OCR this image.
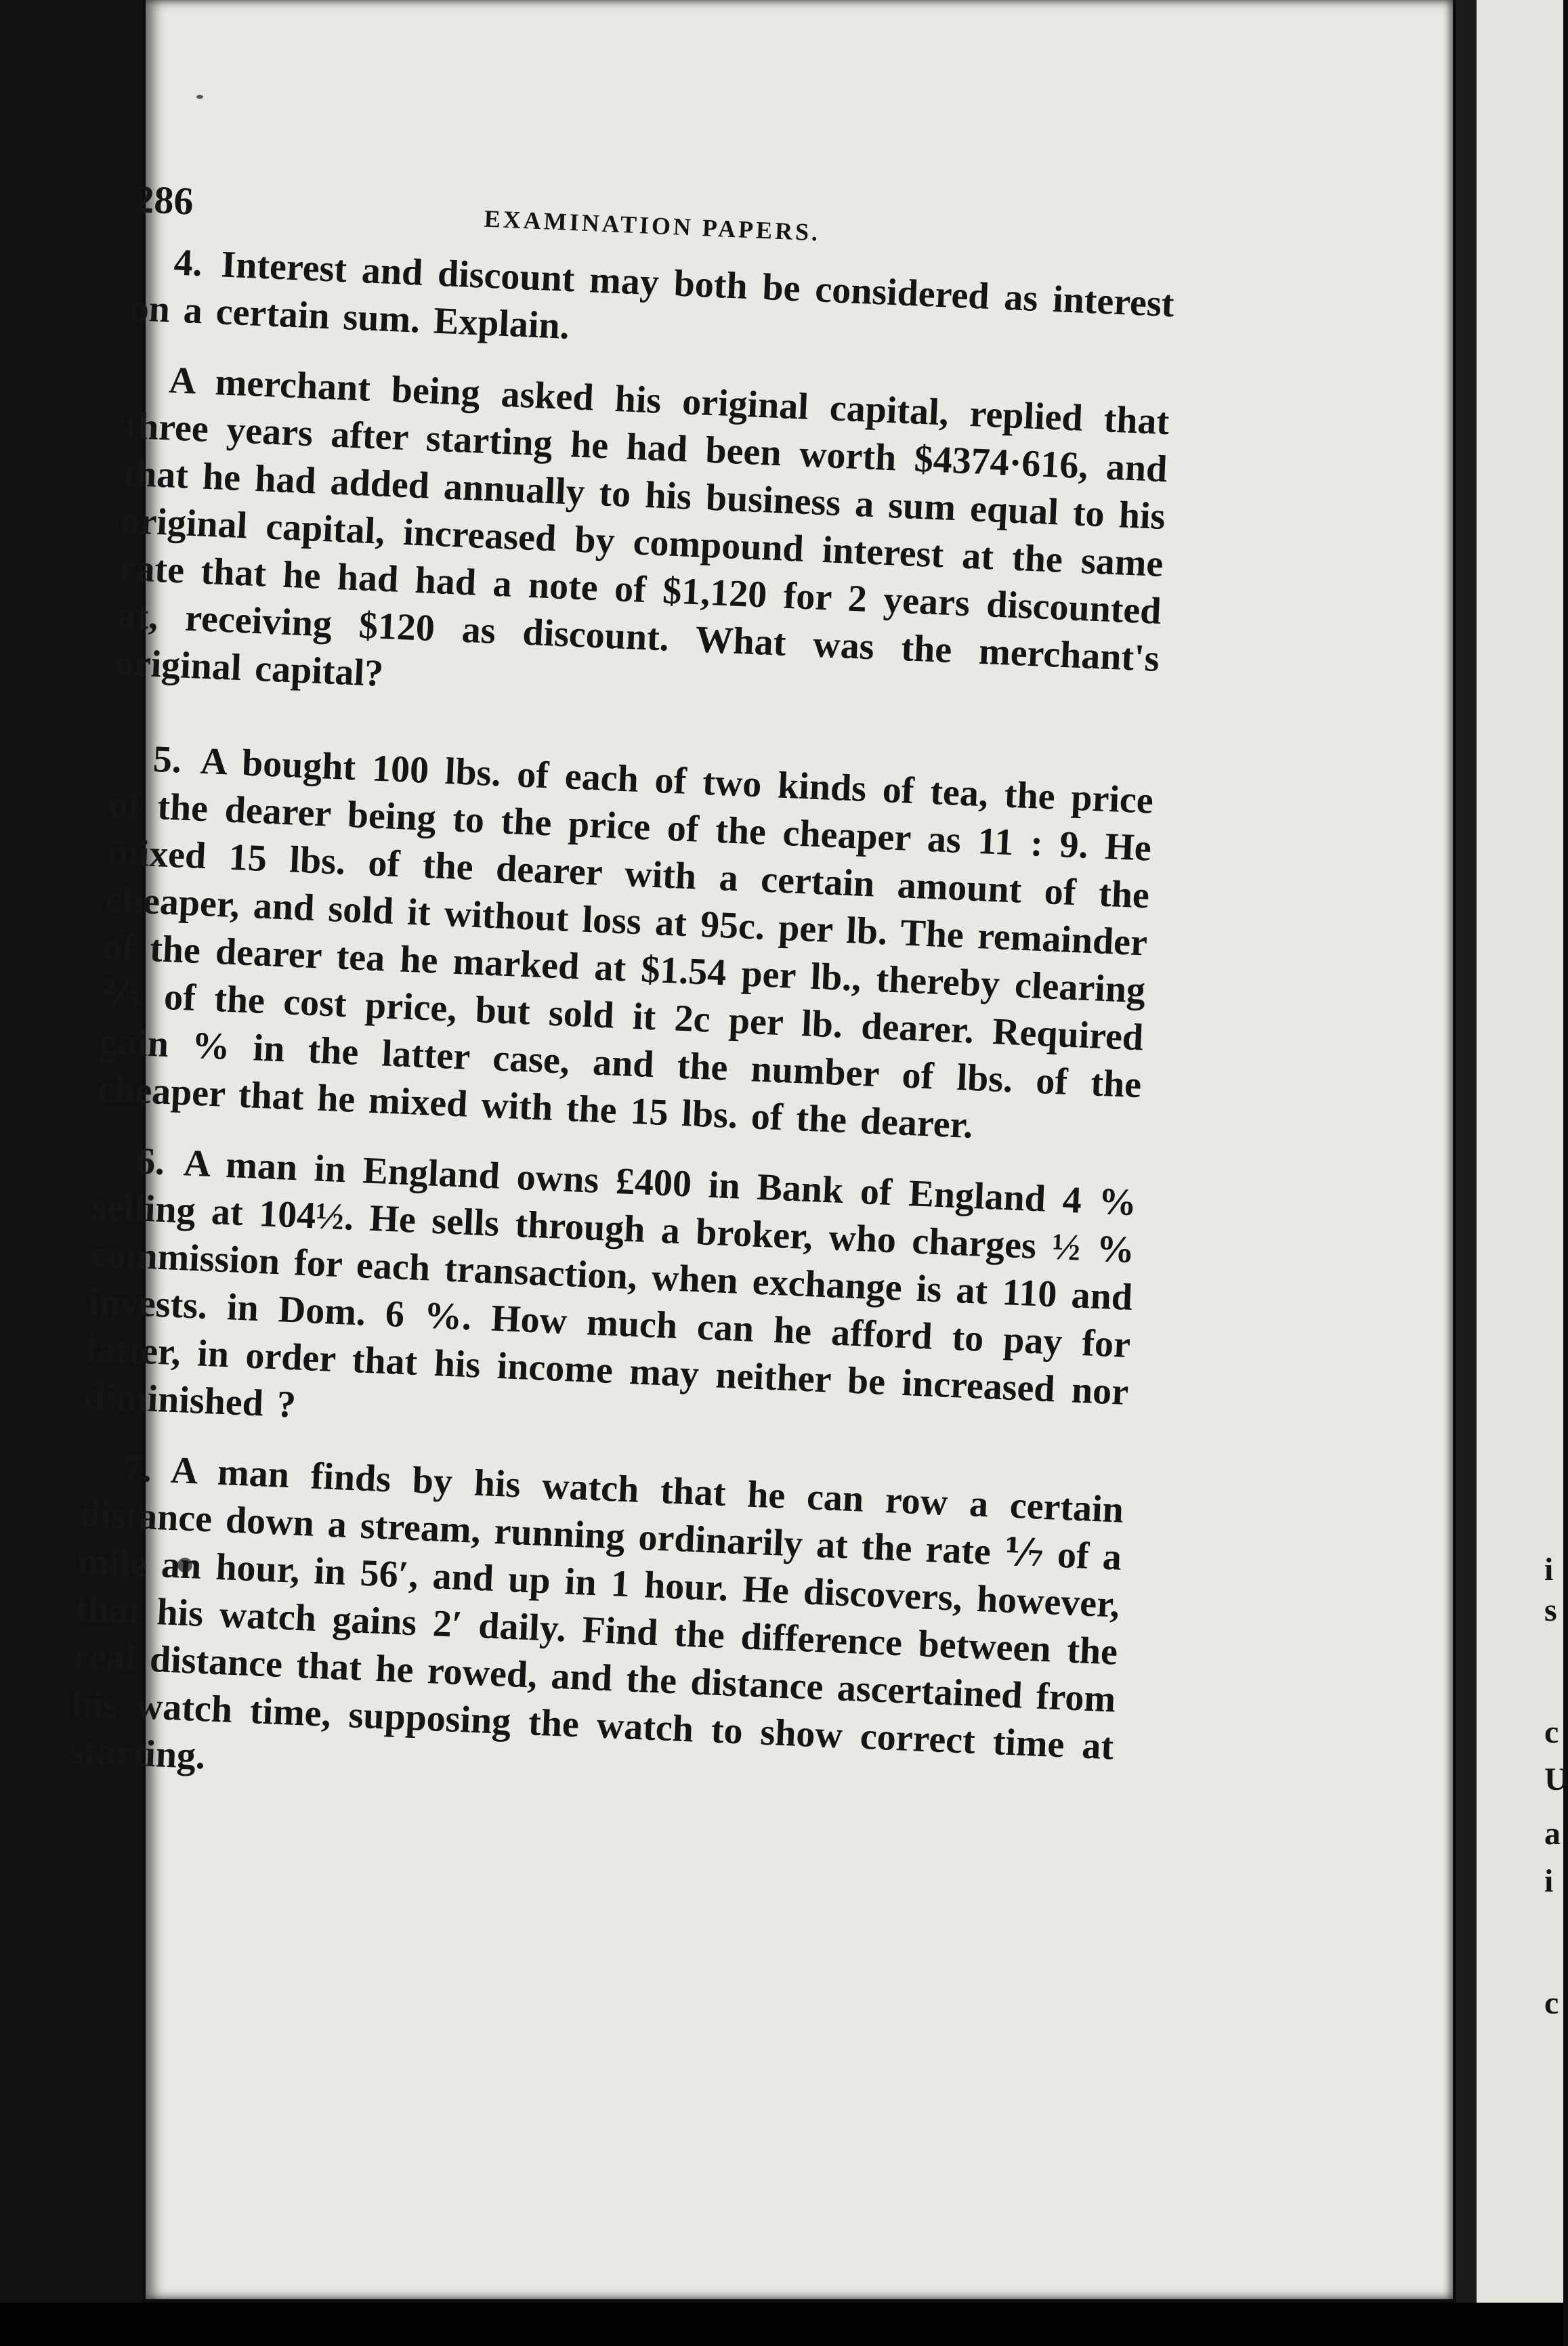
i
s
c
U
a
i
c
286
EXAMINATION PAPERS.

4. Interest and discount may both be considered as interest on a certain sum. Explain.

A merchant being asked his original capital, replied that three years after starting he had been worth $4374·616, and that he had added annually to his business a sum equal to his original capital, increased by compound interest at the same rate that he had had a note of $1,120 for 2 years discounted at, receiving $120 as discount. What was the merchant's original capital?

5. A bought 100 lbs. of each of two kinds of tea, the price of the dearer being to the price of the cheaper as 11 : 9. He mixed 15 lbs. of the dearer with a certain amount of the cheaper, and sold it without loss at 95c. per lb. The remainder of the dearer tea he marked at $1.54 per lb., thereby clearing ⅖ of the cost price, but sold it 2c per lb. dearer. Required gain % in the latter case, and the number of lbs. of the cheaper that he mixed with the 15 lbs. of the dearer.

6. A man in England owns £400 in Bank of England 4 % selling at 104½. He sells through a broker, who charges ½ % commission for each transaction, when exchange is at 110 and invests. in Dom. 6 %. How much can he afford to pay for latter, in order that his income may neither be increased nor diminished ?

7. A man finds by his watch that he can row a certain distance down a stream, running ordinarily at the rate ⅐ of a mile an hour, in 56′, and up in 1 hour. He discovers, however, that his watch gains 2′ daily. Find the difference between the real distance that he rowed, and the distance ascertained from his watch time, supposing the watch to show correct time at starting.
